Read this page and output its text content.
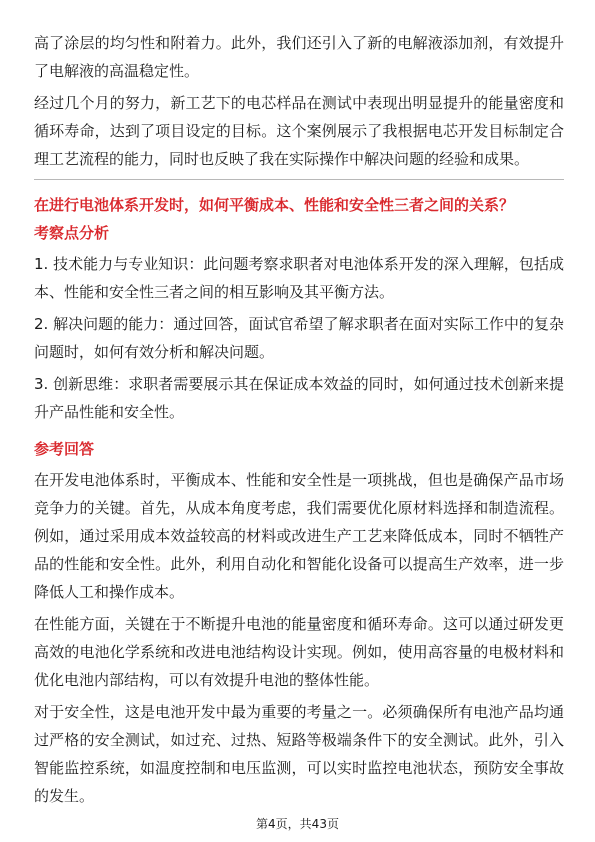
高了涂层的均匀性和附着力。此外，我们还引入了新的电解液添加剂，有效提升了电解液的高温稳定性。

经过几个月的努力，新工艺下的电芯样品在测试中表现出明显提升的能量密度和循环寿命，达到了项目设定的目标。这个案例展示了我根据电芯开发目标制定合理工艺流程的能力，同时也反映了我在实际操作中解决问题的经验和成果。

在进行电池体系开发时，如何平衡成本、性能和安全性三者之间的关系？
考察点分析

1. 技术能力与专业知识：此问题考察求职者对电池体系开发的深入理解，包括成本、性能和安全性三者之间的相互影响及其平衡方法。

2. 解决问题的能力：通过回答，面试官希望了解求职者在面对实际工作中的复杂问题时，如何有效分析和解决问题。

3. 创新思维：求职者需要展示其在保证成本效益的同时，如何通过技术创新来提升产品性能和安全性。

参考回答

在开发电池体系时，平衡成本、性能和安全性是一项挑战，但也是确保产品市场竞争力的关键。首先，从成本角度考虑，我们需要优化原材料选择和制造流程。例如，通过采用成本效益较高的材料或改进生产工艺来降低成本，同时不牺牲产品的性能和安全性。此外，利用自动化和智能化设备可以提高生产效率，进一步降低人工和操作成本。

在性能方面，关键在于不断提升电池的能量密度和循环寿命。这可以通过研发更高效的电池化学系统和改进电池结构设计实现。例如，使用高容量的电极材料和优化电池内部结构，可以有效提升电池的整体性能。

对于安全性，这是电池开发中最为重要的考量之一。必须确保所有电池产品均通过严格的安全测试，如过充、过热、短路等极端条件下的安全测试。此外，引入智能监控系统，如温度控制和电压监测，可以实时监控电池状态，预防安全事故的发生。

第4页，共43页
